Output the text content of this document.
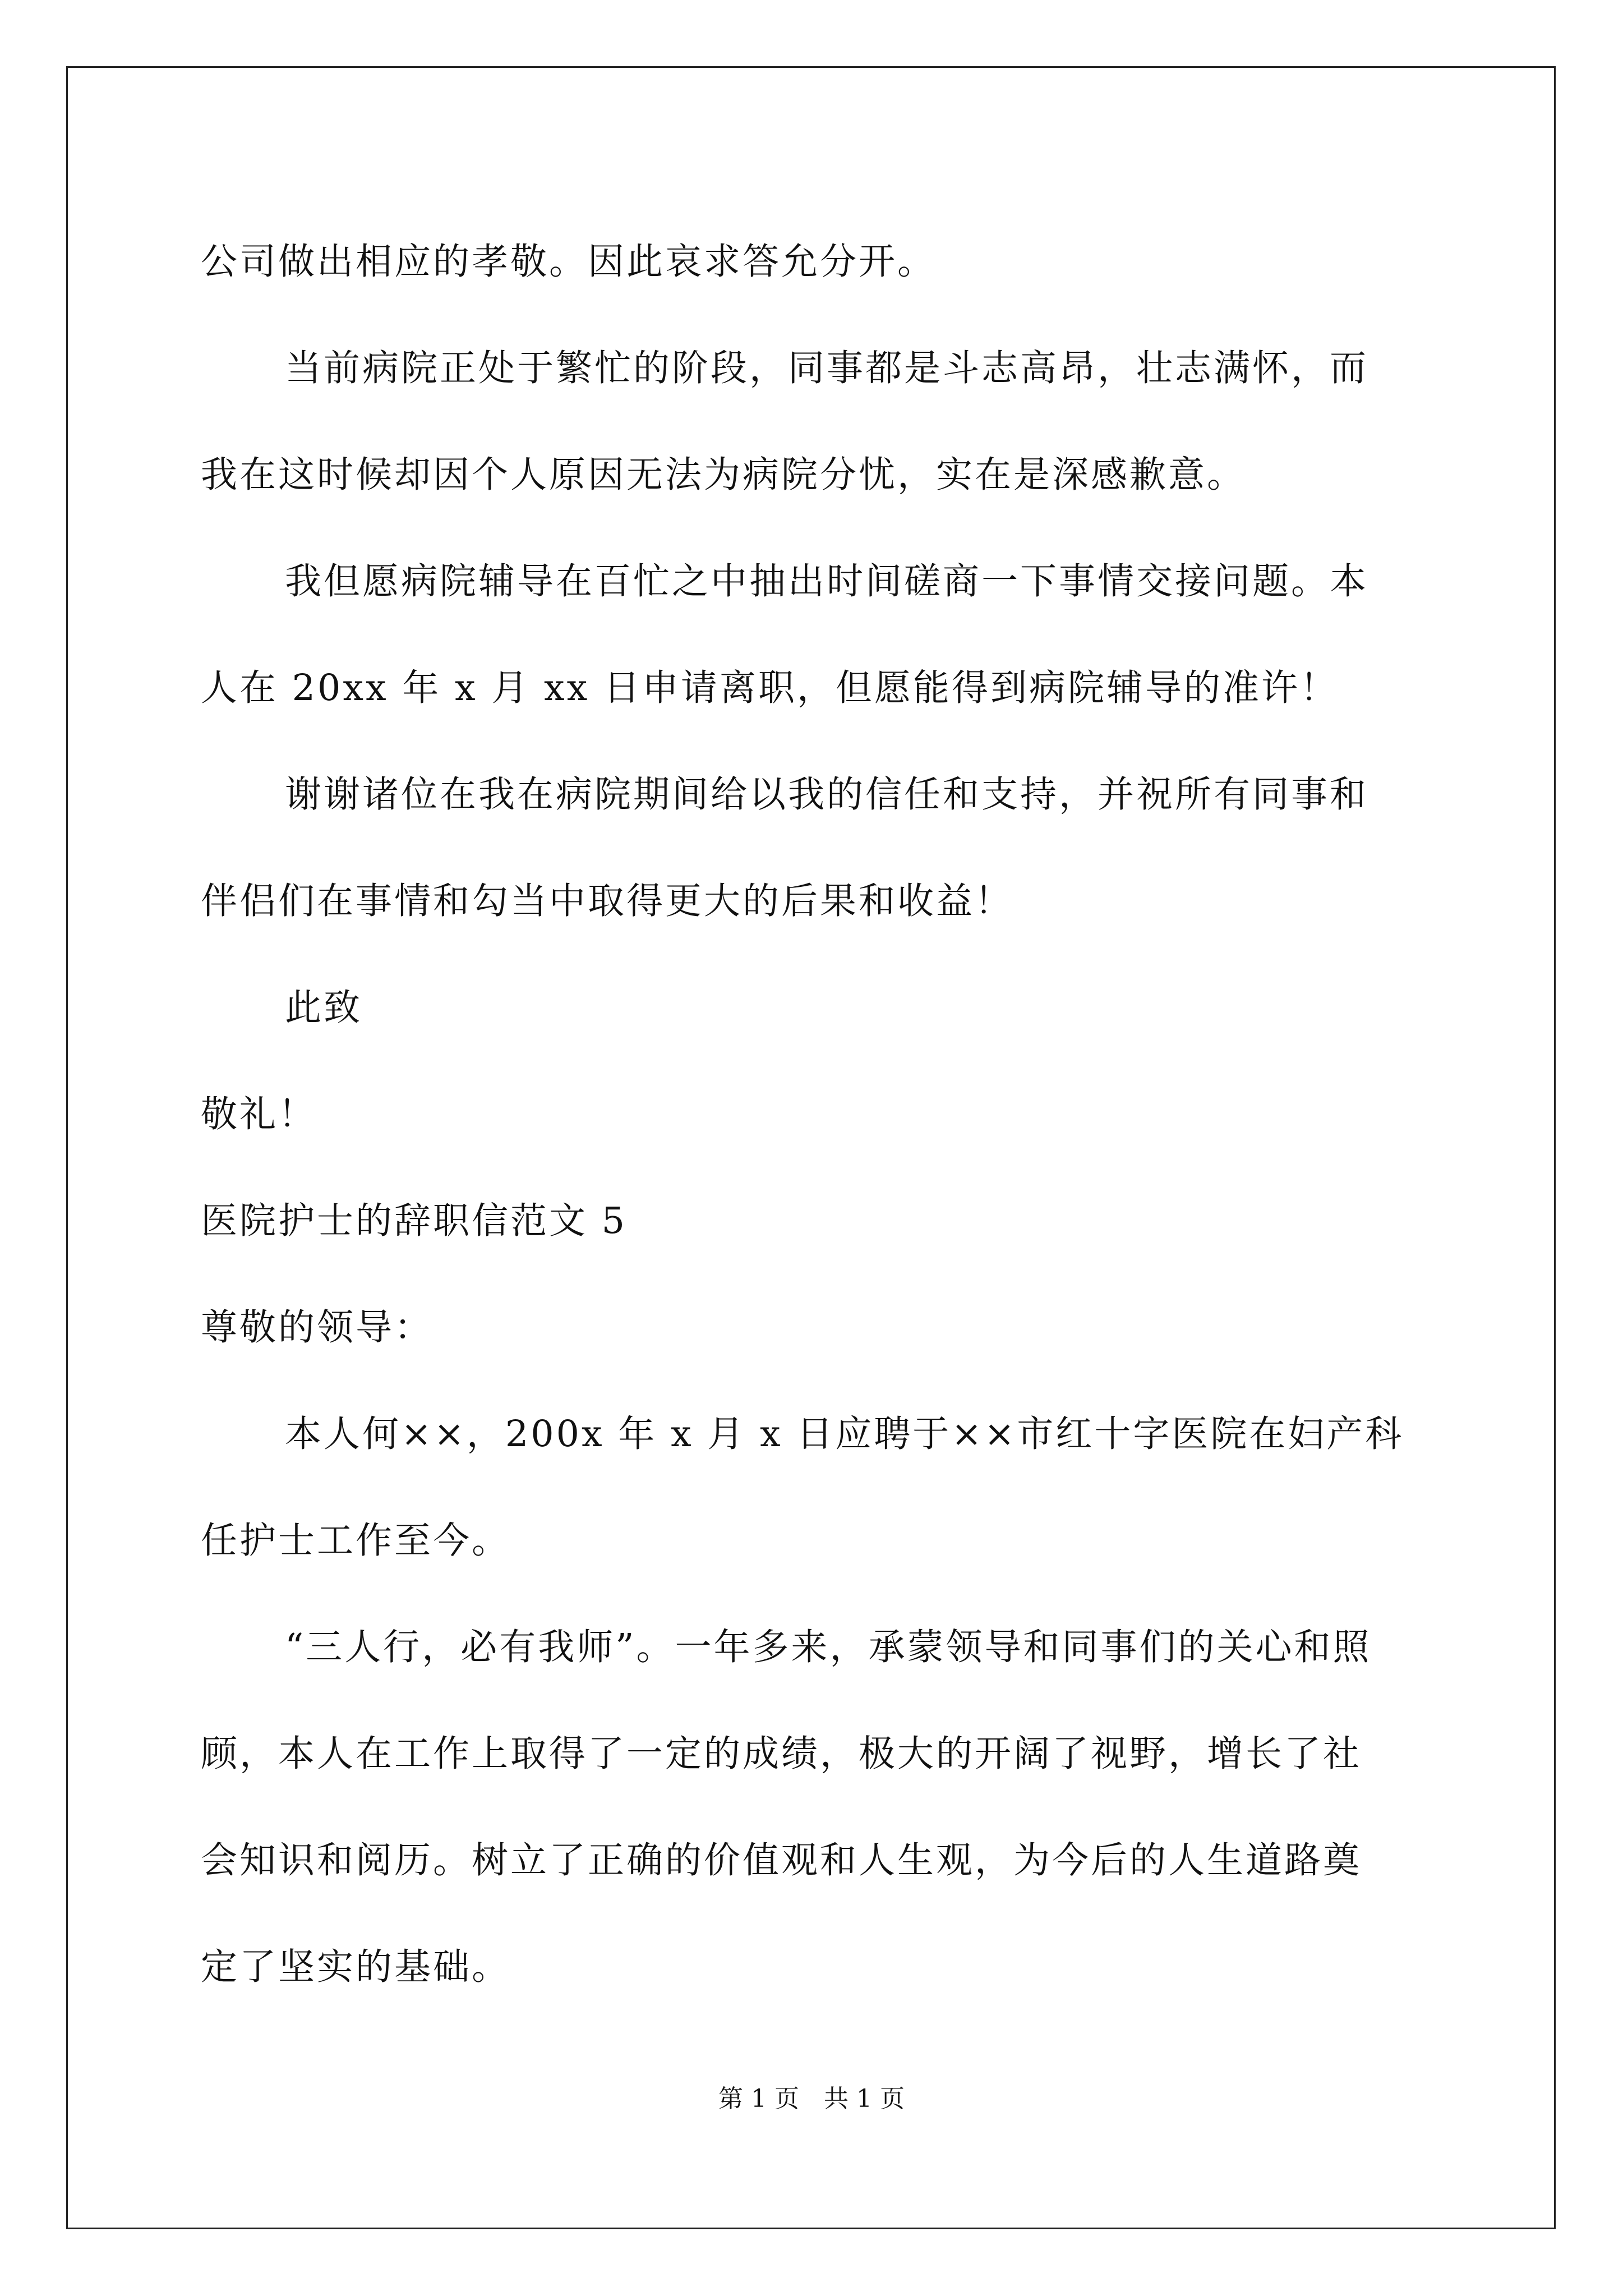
公司做出相应的孝敬。因此哀求答允分开。
当前病院正处于繁忙的阶段，同事都是斗志高昂，壮志满怀，而
我在这时候却因个人原因无法为病院分忧，实在是深感歉意。
我但愿病院辅导在百忙之中抽出时间磋商一下事情交接问题。本
人在 20xx 年 x 月 xx 日申请离职，但愿能得到病院辅导的准许！
谢谢诸位在我在病院期间给以我的信任和支持，并祝所有同事和
伴侣们在事情和勾当中取得更大的后果和收益！
此致
敬礼！
医院护士的辞职信范文 5
尊敬的领导：
本人何××，200x 年 x 月 x 日应聘于××市红十字医院在妇产科
任护士工作至今。
“三人行，必有我师”。一年多来，承蒙领导和同事们的关心和照
顾，本人在工作上取得了一定的成绩，极大的开阔了视野，增长了社
会知识和阅历。树立了正确的价值观和人生观，为今后的人生道路奠
定了坚实的基础。
第 1 页　共 1 页
